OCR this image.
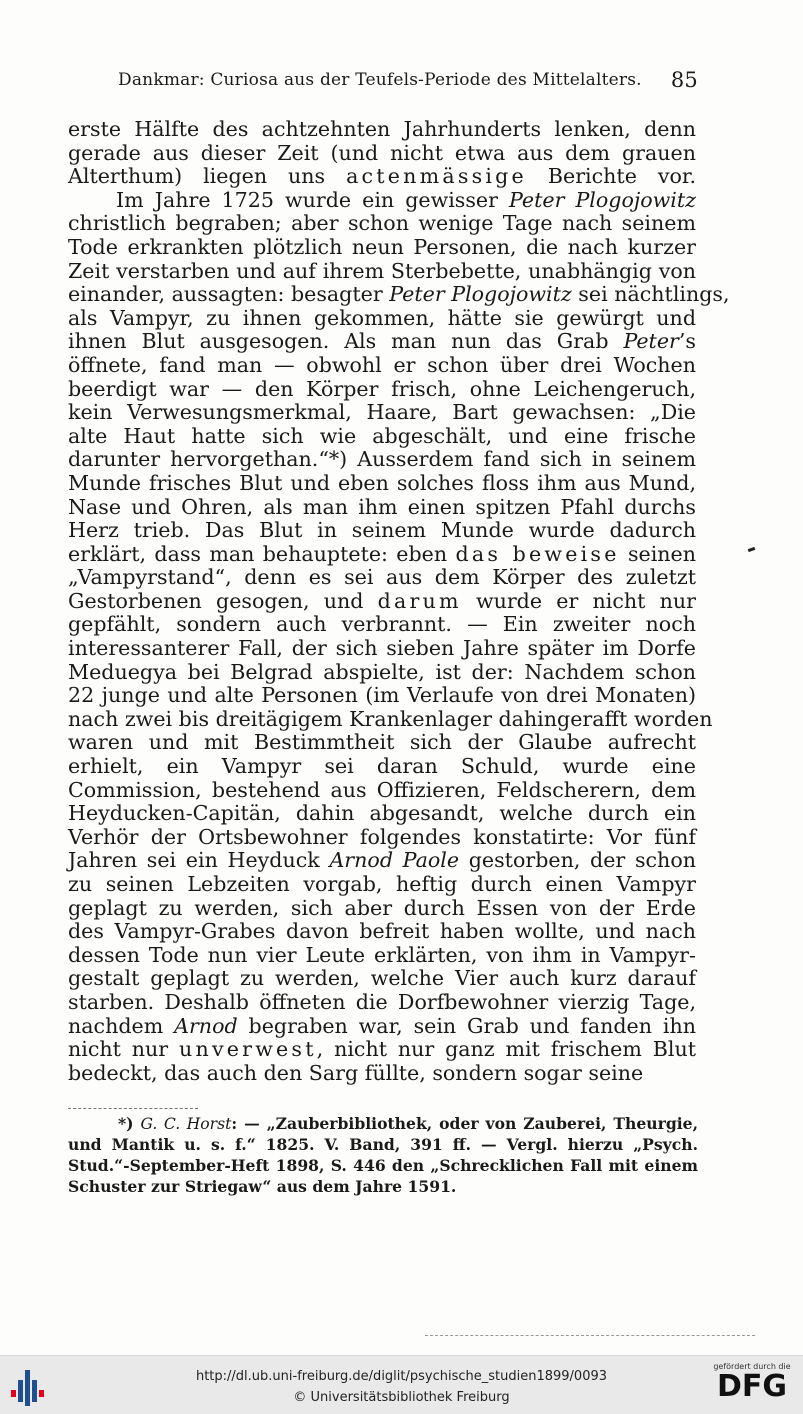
Dankmar: Curiosa aus der Teufels-Periode des Mittelalters. 85
erste Hälfte des achtzehnten Jahrhunderts lenken, denn
gerade aus dieser Zeit (und nicht etwa aus dem grauen
Alterthum) liegen uns actenmässige Berichte vor.
Im Jahre 1725 wurde ein gewisser Peter Plogojowitz
christlich begraben; aber schon wenige Tage nach seinem
Tode erkrankten plötzlich neun Personen, die nach kurzer
Zeit verstarben und auf ihrem Sterbebette, unabhängig von
einander, aussagten: besagter Peter Plogojowitz sei nächtlings,
als Vampyr, zu ihnen gekommen, hätte sie gewürgt und
ihnen Blut ausgesogen. Als man nun das Grab Peter’s
öffnete, fand man — obwohl er schon über drei Wochen
beerdigt war — den Körper frisch, ohne Leichengeruch,
kein Verwesungsmerkmal, Haare, Bart gewachsen: „Die
alte Haut hatte sich wie abgeschält, und eine frische
darunter hervorgethan.“*) Ausserdem fand sich in seinem
Munde frisches Blut und eben solches floss ihm aus Mund,
Nase und Ohren, als man ihm einen spitzen Pfahl durchs
Herz trieb. Das Blut in seinem Munde wurde dadurch
erklärt, dass man behauptete: eben das beweise seinen
„Vampyrstand“, denn es sei aus dem Körper des zuletzt
Gestorbenen gesogen, und darum wurde er nicht nur
gepfählt, sondern auch verbrannt. — Ein zweiter noch
interessanterer Fall, der sich sieben Jahre später im Dorfe
Meduegya bei Belgrad abspielte, ist der: Nachdem schon
22 junge und alte Personen (im Verlaufe von drei Monaten)
nach zwei bis dreitägigem Krankenlager dahingerafft worden
waren und mit Bestimmtheit sich der Glaube aufrecht
erhielt, ein Vampyr sei daran Schuld, wurde eine
Commission, bestehend aus Offizieren, Feldscherern, dem
Heyducken-Capitän, dahin abgesandt, welche durch ein
Verhör der Ortsbewohner folgendes konstatirte: Vor fünf
Jahren sei ein Heyduck Arnod Paole gestorben, der schon
zu seinen Lebzeiten vorgab, heftig durch einen Vampyr
geplagt zu werden, sich aber durch Essen von der Erde
des Vampyr-Grabes davon befreit haben wollte, und nach
dessen Tode nun vier Leute erklärten, von ihm in Vampyr-
gestalt geplagt zu werden, welche Vier auch kurz darauf
starben. Deshalb öffneten die Dorfbewohner vierzig Tage,
nachdem Arnod begraben war, sein Grab und fanden ihn
nicht nur unverwest, nicht nur ganz mit frischem Blut
bedeckt, das auch den Sarg füllte, sondern sogar seine
*) G. C. Horst: — „Zauberbibliothek, oder von Zauberei, Theurgie,
und Mantik u. s. f.“ 1825. V. Band, 391 ff. — Vergl. hierzu „Psych.
Stud.“-September-Heft 1898, S. 446 den „Schrecklichen Fall mit einem
Schuster zur Striegaw“ aus dem Jahre 1591.
http://dl.ub.uni-freiburg.de/diglit/psychische_studien1899/0093
© Universitätsbibliothek Freiburg
gefördert durch die
DFG
